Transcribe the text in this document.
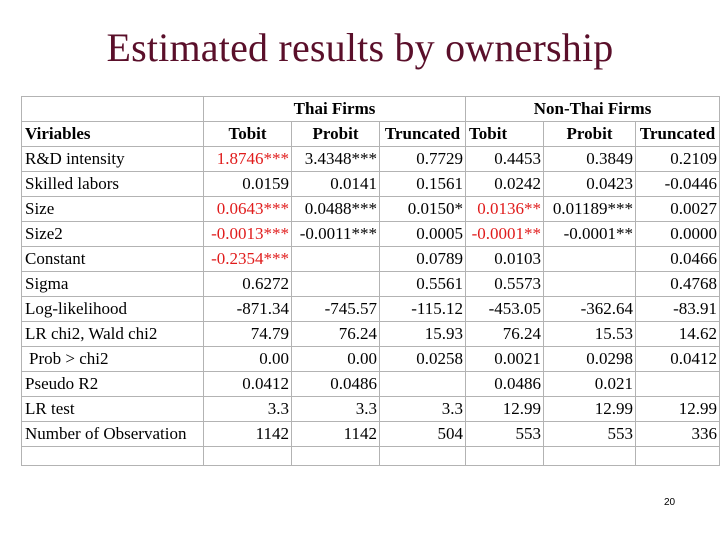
Estimated results by ownership
	Thai Firms			Non-Thai Firms		
Viriables	Tobit	Probit	Truncated	Tobit	Probit	Truncated
R&D intensity	1.8746***	3.4348***	0.7729	0.4453	0.3849	0.2109
Skilled labors	0.0159	0.0141	0.1561	0.0242	0.0423	-0.0446
Size	0.0643***	0.0488***	0.0150*	0.0136**	0.01189***	0.0027
Size2	-0.0013***	-0.0011***	0.0005	-0.0001**	-0.0001**	0.0000
Constant	-0.2354***		0.0789	0.0103		0.0466
Sigma	0.6272		0.5561	0.5573		0.4768
Log-likelihood	-871.34	-745.57	-115.12	-453.05	-362.64	-83.91
LR chi2, Wald chi2	74.79	76.24	15.93	76.24	15.53	14.62
Prob > chi2	0.00	0.00	0.0258	0.0021	0.0298	0.0412
Pseudo R2	0.0412	0.0486		0.0486	0.021	
LR test	3.3	3.3	3.3	12.99	12.99	12.99
Number of Observation	1142	1142	504	553	553	336

20
